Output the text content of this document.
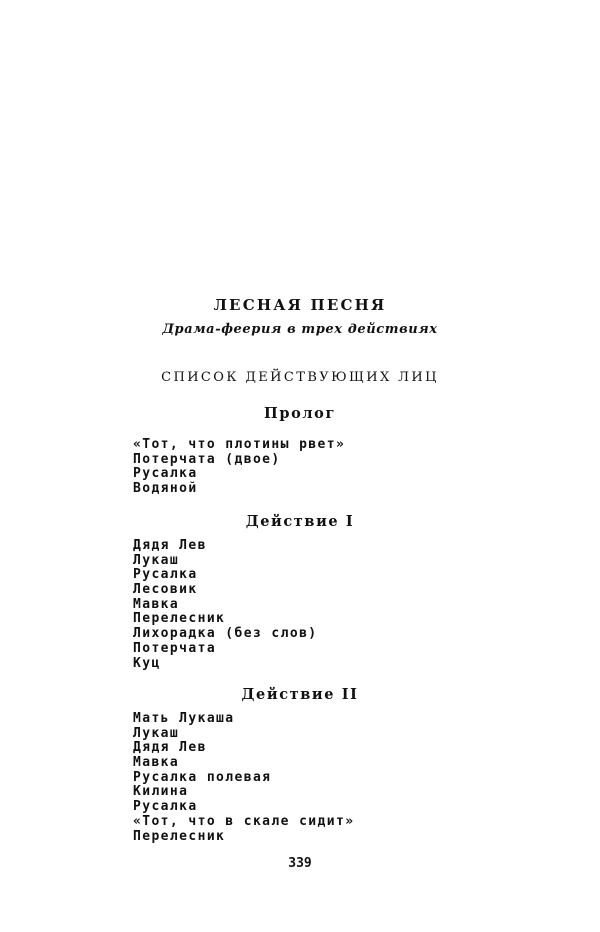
ЛЕСНАЯ ПЕСНЯ
Драма-феерия в трех действиях
СПИСОК ДЕЙСТВУЮЩИХ ЛИЦ
Пролог
«Тот, что плотины рвет»
Потерчата (двое)
Русалка
Водяной
Действие I
Дядя Лев
Лукаш
Русалка
Лесовик
Мавка
Перелесник
Лихорадка (без слов)
Потерчата
Куц
Действие II
Мать Лукаша
Лукаш
Дядя Лев
Мавка
Русалка полевая
Килина
Русалка
«Тот, что в скале сидит»
Перелесник
339
